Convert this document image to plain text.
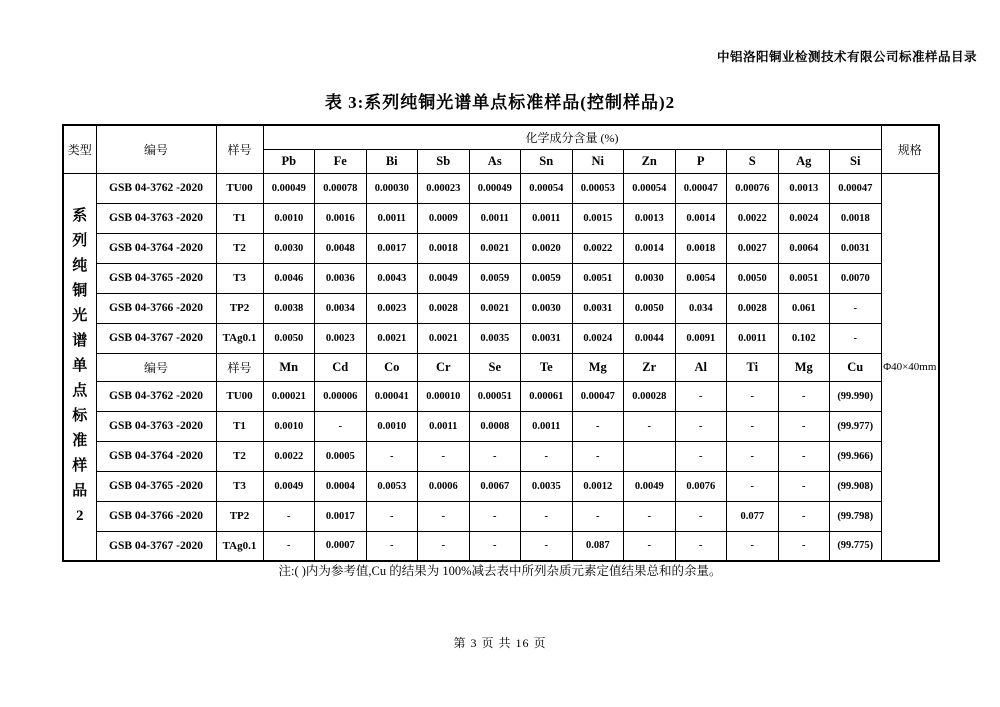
中铝洛阳铜业检测技术有限公司标准样品目录
表 3:系列纯铜光谱单点标准样品(控制样品)2
类型	编号	样号	化学成分含量 (%)												规格
			Pb	Fe	Bi	Sb	As	Sn	Ni	Zn	P	S	Ag	Si	
系列纯铜光谱单点标准样品2	GSB 04-3762 -2020	TU00	0.00049	0.00078	0.00030	0.00023	0.00049	0.00054	0.00053	0.00054	0.00047	0.00076	0.0013	0.00047	Φ40×40mm
	GSB 04-3763 -2020	T1	0.0010	0.0016	0.0011	0.0009	0.0011	0.0011	0.0015	0.0013	0.0014	0.0022	0.0024	0.0018	
	GSB 04-3764 -2020	T2	0.0030	0.0048	0.0017	0.0018	0.0021	0.0020	0.0022	0.0014	0.0018	0.0027	0.0064	0.0031	
	GSB 04-3765 -2020	T3	0.0046	0.0036	0.0043	0.0049	0.0059	0.0059	0.0051	0.0030	0.0054	0.0050	0.0051	0.0070	
	GSB 04-3766 -2020	TP2	0.0038	0.0034	0.0023	0.0028	0.0021	0.0030	0.0031	0.0050	0.034	0.0028	0.061	-	
	GSB 04-3767 -2020	TAg0.1	0.0050	0.0023	0.0021	0.0021	0.0035	0.0031	0.0024	0.0044	0.0091	0.0011	0.102	-	
	编号	样号	Mn	Cd	Co	Cr	Se	Te	Mg	Zr	Al	Ti	Mg	Cu	
	GSB 04-3762 -2020	TU00	0.00021	0.00006	0.00041	0.00010	0.00051	0.00061	0.00047	0.00028	-	-	-	(99.990)	
	GSB 04-3763 -2020	T1	0.0010	-	0.0010	0.0011	0.0008	0.0011	-	-	-	-	-	(99.977)	
	GSB 04-3764 -2020	T2	0.0022	0.0005	-	-	-	-	-		-	-	-	(99.966)	
	GSB 04-3765 -2020	T3	0.0049	0.0004	0.0053	0.0006	0.0067	0.0035	0.0012	0.0049	0.0076	-	-	(99.908)	
	GSB 04-3766 -2020	TP2	-	0.0017	-	-	-	-	-	-	-	0.077	-	(99.798)	
	GSB 04-3767 -2020	TAg0.1	-	0.0007	-	-	-	-	0.087	-	-	-	-	(99.775)	
注:( )内为参考值,Cu 的结果为 100%减去表中所列杂质元素定值结果总和的余量。
第 3 页 共 16 页
